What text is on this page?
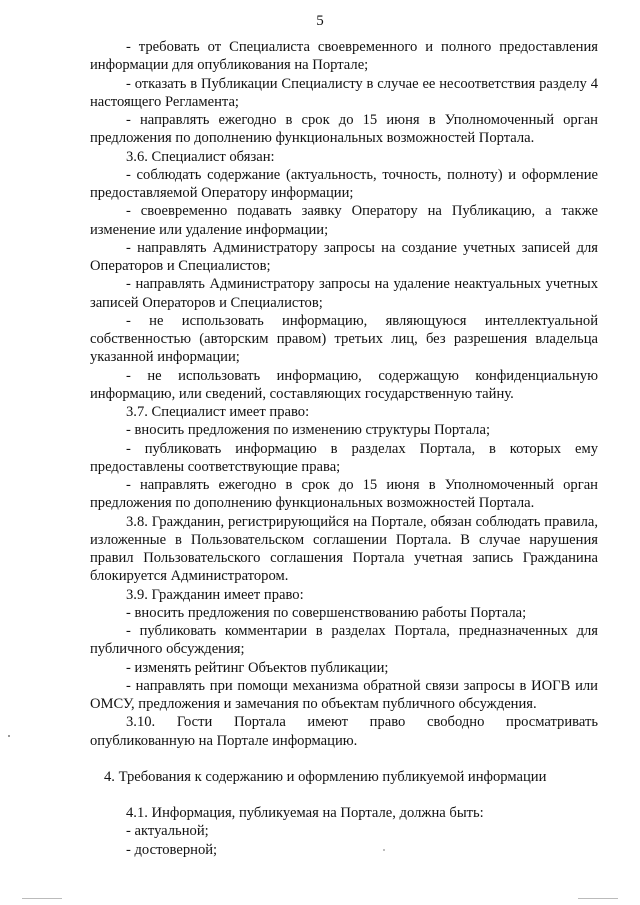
5

- требовать от Специалиста своевременного и полного предоставления информации для опубликования на Портале;

- отказать в Публикации Специалисту в случае ее несоответствия разделу 4 настоящего Регламента;

- направлять ежегодно в срок до 15 июня в Уполномоченный орган предложения по дополнению функциональных возможностей Портала.

3.6. Специалист обязан:

- соблюдать содержание (актуальность, точность, полноту) и оформление предоставляемой Оператору информации;

- своевременно подавать заявку Оператору на Публикацию, а также изменение или удаление информации;

- направлять Администратору запросы на создание учетных записей для Операторов и Специалистов;

- направлять Администратору запросы на удаление неактуальных учетных записей Операторов и Специалистов;

- не использовать информацию, являющуюся интеллектуальной собственностью (авторским правом) третьих лиц, без разрешения владельца указанной информации;

- не использовать информацию, содержащую конфиденциальную информацию, или сведений, составляющих государственную тайну.

3.7. Специалист имеет право:

- вносить предложения по изменению структуры Портала;

- публиковать информацию в разделах Портала, в которых ему предоставлены соответствующие права;

- направлять ежегодно в срок до 15 июня в Уполномоченный орган предложения по дополнению функциональных возможностей Портала.

3.8. Гражданин, регистрирующийся на Портале, обязан соблюдать правила, изложенные в Пользовательском соглашении Портала. В случае нарушения правил Пользовательского соглашения Портала учетная запись Гражданина блокируется Администратором.

3.9. Гражданин имеет право:

- вносить предложения по совершенствованию работы Портала;

- публиковать комментарии в разделах Портала, предназначенных для публичного обсуждения;

- изменять рейтинг Объектов публикации;

- направлять при помощи механизма обратной связи запросы в ИОГВ или ОМСУ, предложения и замечания по объектам публичного обсуждения.

3.10. Гости Портала имеют право свободно просматривать опубликованную на Портале информацию.

4. Требования к содержанию и оформлению публикуемой информации

4.1. Информация, публикуемая на Портале, должна быть:

- актуальной;

- достоверной;
